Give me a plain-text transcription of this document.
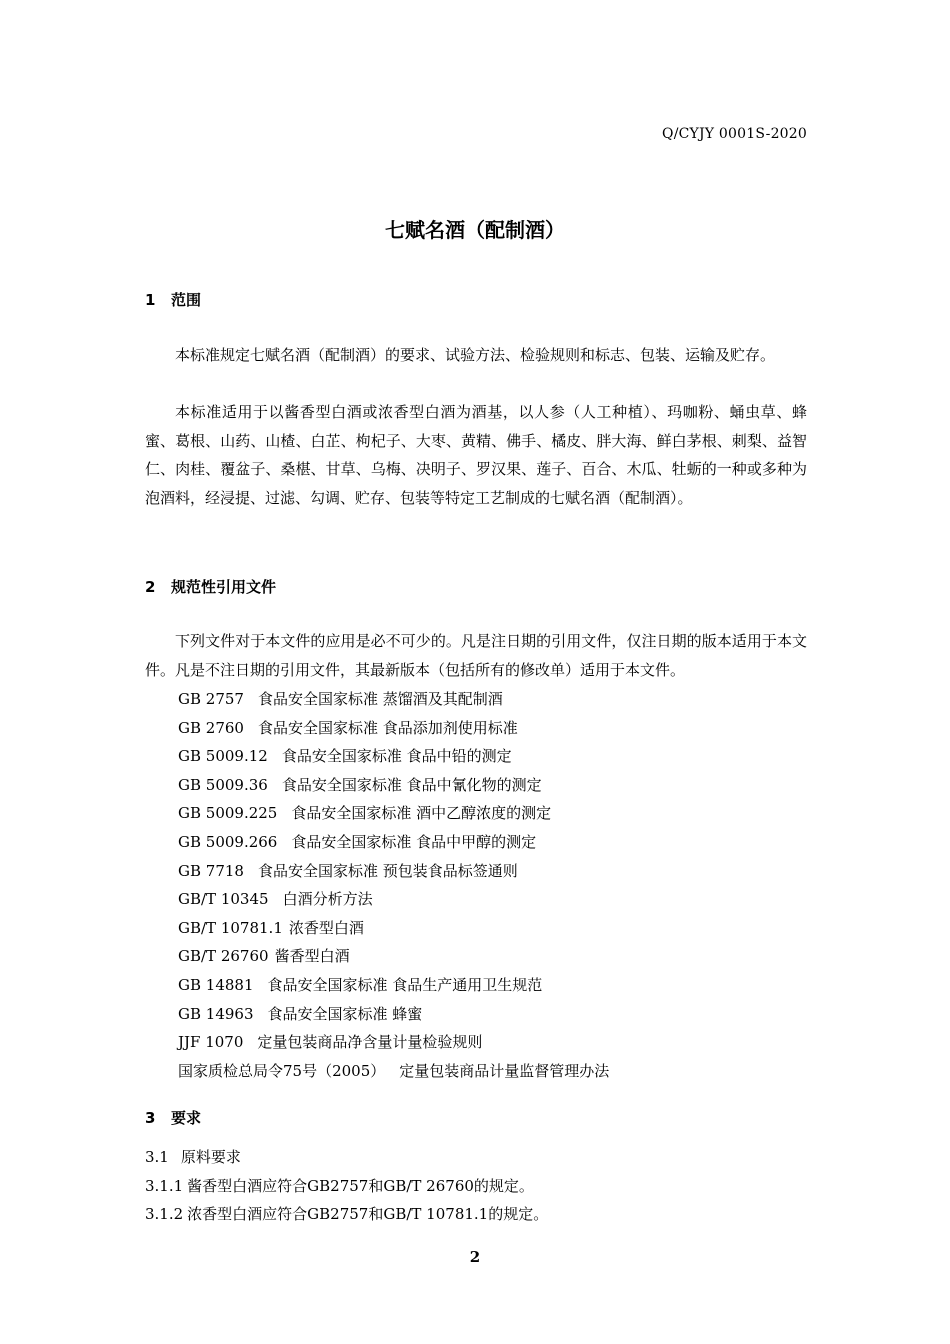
Q/CYJY 0001S-2020
七赋名酒（配制酒）
1 范围
本标准规定七赋名酒（配制酒）的要求、试验方法、检验规则和标志、包装、运输及贮存。
本标准适用于以酱香型白酒或浓香型白酒为酒基，以人参（人工种植）、玛咖粉、蛹虫草、蜂蜜、葛根、山药、山楂、白芷、枸杞子、大枣、黄精、佛手、橘皮、胖大海、鲜白茅根、刺梨、益智仁、肉桂、覆盆子、桑椹、甘草、乌梅、决明子、罗汉果、莲子、百合、木瓜、牡蛎的一种或多种为泡酒料，经浸提、过滤、勾调、贮存、包装等特定工艺制成的七赋名酒（配制酒）。
2 规范性引用文件
下列文件对于本文件的应用是必不可少的。凡是注日期的引用文件，仅注日期的版本适用于本文件。凡是不注日期的引用文件，其最新版本（包括所有的修改单）适用于本文件。
GB 2757 食品安全国家标准 蒸馏酒及其配制酒
GB 2760 食品安全国家标准 食品添加剂使用标准
GB 5009.12 食品安全国家标准 食品中铅的测定
GB 5009.36 食品安全国家标准 食品中氰化物的测定
GB 5009.225 食品安全国家标准 酒中乙醇浓度的测定
GB 5009.266 食品安全国家标准 食品中甲醇的测定
GB 7718 食品安全国家标准 预包装食品标签通则
GB/T 10345 白酒分析方法
GB/T 10781.1 浓香型白酒
GB/T 26760 酱香型白酒
GB 14881 食品安全国家标准 食品生产通用卫生规范
GB 14963 食品安全国家标准 蜂蜜
JJF 1070 定量包装商品净含量计量检验规则
国家质检总局令75号（2005） 定量包装商品计量监督管理办法
3 要求
3.1 原料要求
3.1.1 酱香型白酒应符合GB2757和GB/T 26760的规定。
3.1.2 浓香型白酒应符合GB2757和GB/T 10781.1的规定。
2
